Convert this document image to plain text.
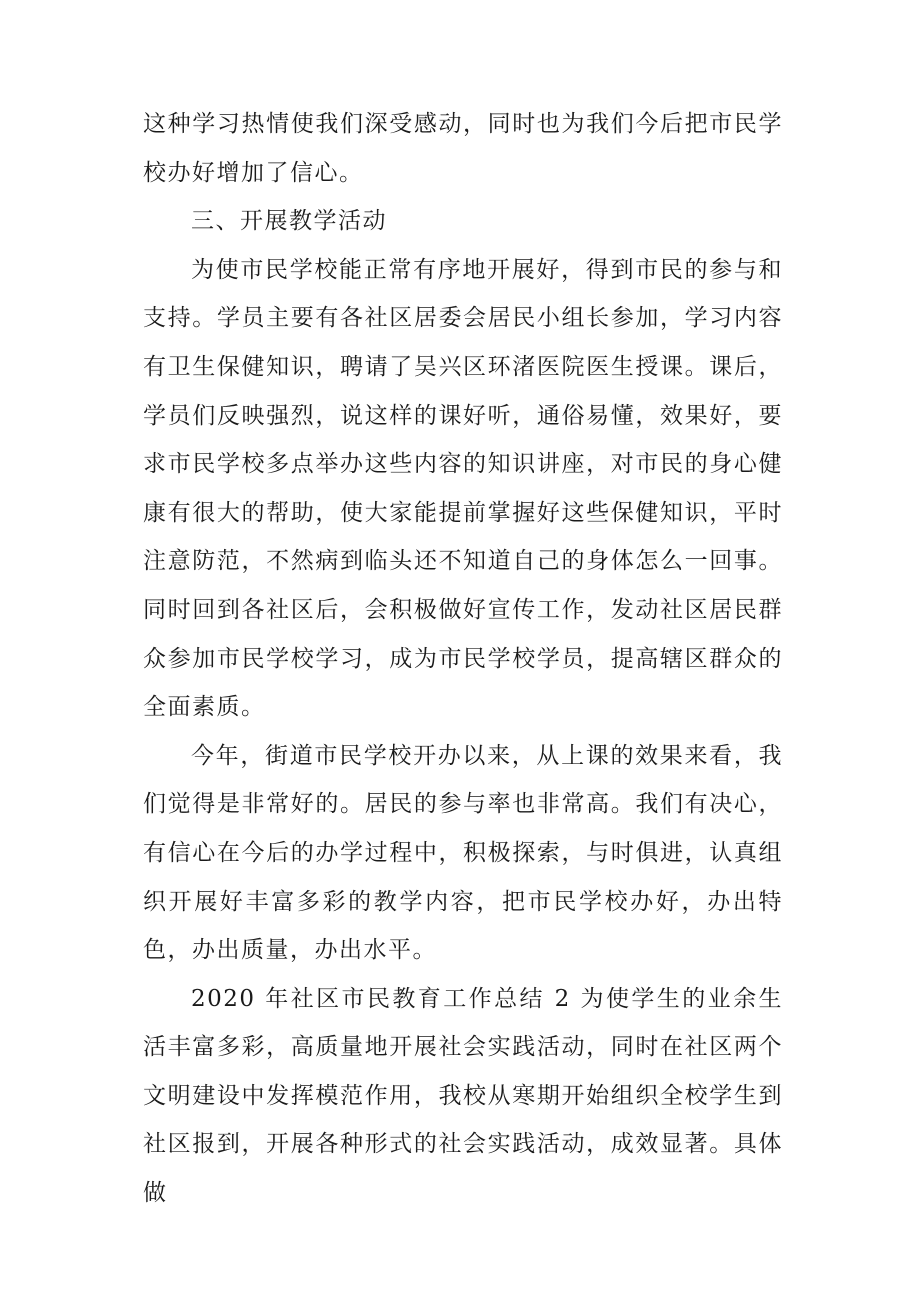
这种学习热情使我们深受感动，同时也为我们今后把市民学校办好增加了信心。

三、开展教学活动

为使市民学校能正常有序地开展好，得到市民的参与和支持。学员主要有各社区居委会居民小组长参加，学习内容有卫生保健知识，聘请了吴兴区环渚医院医生授课。课后，学员们反映强烈，说这样的课好听，通俗易懂，效果好，要求市民学校多点举办这些内容的知识讲座，对市民的身心健康有很大的帮助，使大家能提前掌握好这些保健知识，平时注意防范，不然病到临头还不知道自己的身体怎么一回事。同时回到各社区后，会积极做好宣传工作，发动社区居民群众参加市民学校学习，成为市民学校学员，提高辖区群众的全面素质。

今年，街道市民学校开办以来，从上课的效果来看，我们觉得是非常好的。居民的参与率也非常高。我们有决心，有信心在今后的办学过程中，积极探索，与时俱进，认真组织开展好丰富多彩的教学内容，把市民学校办好，办出特色，办出质量，办出水平。

2020 年社区市民教育工作总结 2 为使学生的业余生活丰富多彩，高质量地开展社会实践活动，同时在社区两个文明建设中发挥模范作用，我校从寒期开始组织全校学生到社区报到，开展各种形式的社会实践活动，成效显著。具体做
